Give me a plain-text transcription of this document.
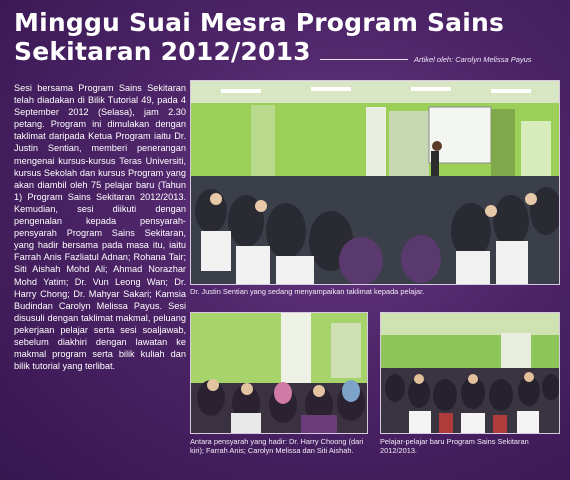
Minggu Suai Mesra Program Sains
Sekitaran 2012/2013	Artikel oleh: Carolyn Melissa Payus

Sesi bersama Program Sains Sekitaran telah diadakan di Bilik Tutorial 49, pada 4 September 2012 (Selasa), jam 2.30 petang. Program ini dimulakan dengan taklimat daripada Ketua Program iaitu Dr. Justin Sentian, memberi penerangan mengenai kursus-kursus Teras Universiti, kursus Sekolah dan kursus Program yang akan diambil oleh 75 pelajar baru (Tahun 1) Program Sains Sekitaran 2012/2013. Kemudian, sesi diikuti dengan pengenalan kepada pensyarah-pensyarah Program Sains Sekitaran, yang hadir bersama pada masa itu, iaitu Farrah Anis Fazliatul Adnan; Rohana Tair; Siti Aishah Mohd Ali; Ahmad Norazhar Mohd Yatim; Dr. Vun Leong Wan; Dr. Harry Chong; Dr. Mahyar Sakari; Kamsia Budindan Carolyn Melissa Payus. Sesi disusuli dengan taklimat makmal, peluang pekerjaan pelajar serta sesi soaljawab, sebelum diakhiri dengan lawatan ke makmal program serta bilik kuliah dan bilik tutorial yang terlibat.

Dr. Justin Sentian yang sedang menyampaikan taklimat kepada pelajar.
Antara pensyarah yang hadir: Dr. Harry Choong (dari kiri); Farrah Anis; Carolyn Melissa dan Siti Aishah.
Pelajar-pelajar baru Program Sains Sekitaran 2012/2013.
